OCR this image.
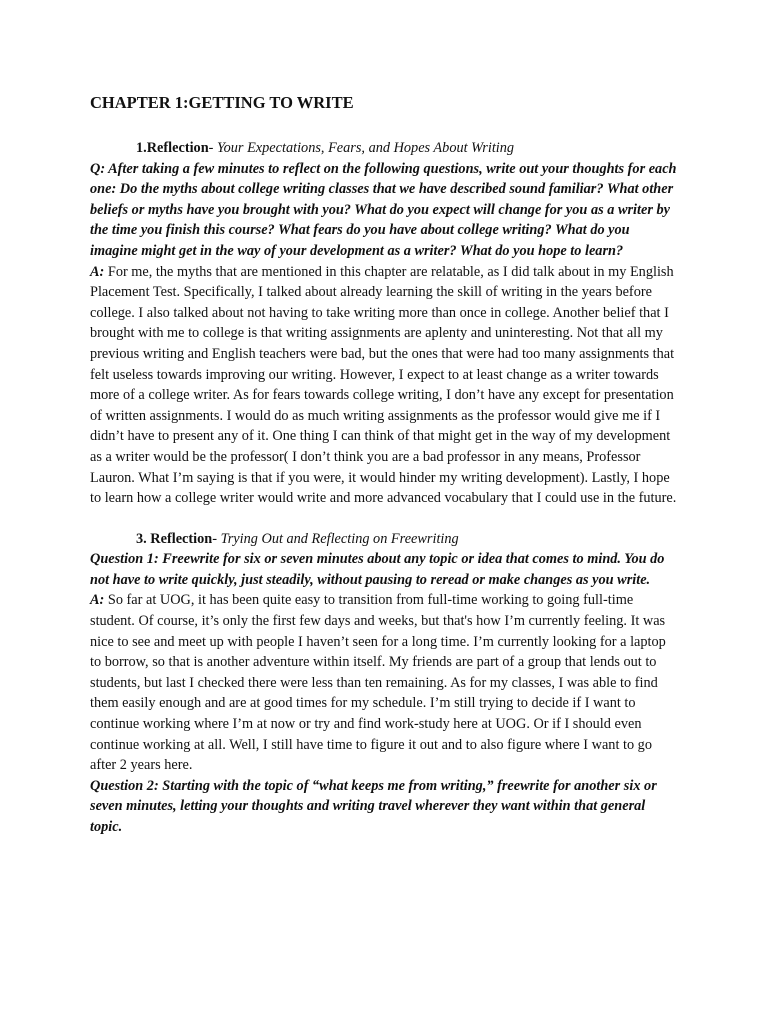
CHAPTER 1:GETTING TO WRITE

1.Reflection- Your Expectations, Fears, and Hopes About Writing

Q: After taking a few minutes to reflect on the following questions, write out your thoughts for each one: Do the myths about college writing classes that we have described sound familiar? What other beliefs or myths have you brought with you? What do you expect will change for you as a writer by the time you finish this course? What fears do you have about college writing? What do you imagine might get in the way of your development as a writer? What do you hope to learn?

A: For me, the myths that are mentioned in this chapter are relatable, as I did talk about in my English Placement Test. Specifically, I talked about already learning the skill of writing in the years before college. I also talked about not having to take writing more than once in college. Another belief that I brought with me to college is that writing assignments are aplenty and uninteresting. Not that all my previous writing and English teachers were bad, but the ones that were had too many assignments that felt useless towards improving our writing. However, I expect to at least change as a writer towards more of a college writer. As for fears towards college writing, I don’t have any except for presentation of written assignments. I would do as much writing assignments as the professor would give me if I didn’t have to present any of it. One thing I can think of that might get in the way of my development as a writer would be the professor( I don’t think you are a bad professor in any means, Professor Lauron. What I’m saying is that if you were, it would hinder my writing development). Lastly, I hope to learn how a college writer would write and more advanced vocabulary that I could use in the future.

3. Reflection- Trying Out and Reflecting on Freewriting

Question 1: Freewrite for six or seven minutes about any topic or idea that comes to mind. You do not have to write quickly, just steadily, without pausing to reread or make changes as you write.

A: So far at UOG, it has been quite easy to transition from full-time working to going full-time student. Of course, it’s only the first few days and weeks, but that's how I’m currently feeling. It was nice to see and meet up with people I haven’t seen for a long time. I’m currently looking for a laptop to borrow, so that is another adventure within itself. My friends are part of a group that lends out to students, but last I checked there were less than ten remaining. As for my classes, I was able to find them easily enough and are at good times for my schedule. I’m still trying to decide if I want to continue working where I’m at now or try and find work-study here at UOG. Or if I should even continue working at all. Well, I still have time to figure it out and to also figure where I want to go after 2 years here.

Question 2: Starting with the topic of “what keeps me from writing,” freewrite for another six or seven minutes, letting your thoughts and writing travel wherever they want within that general topic.
